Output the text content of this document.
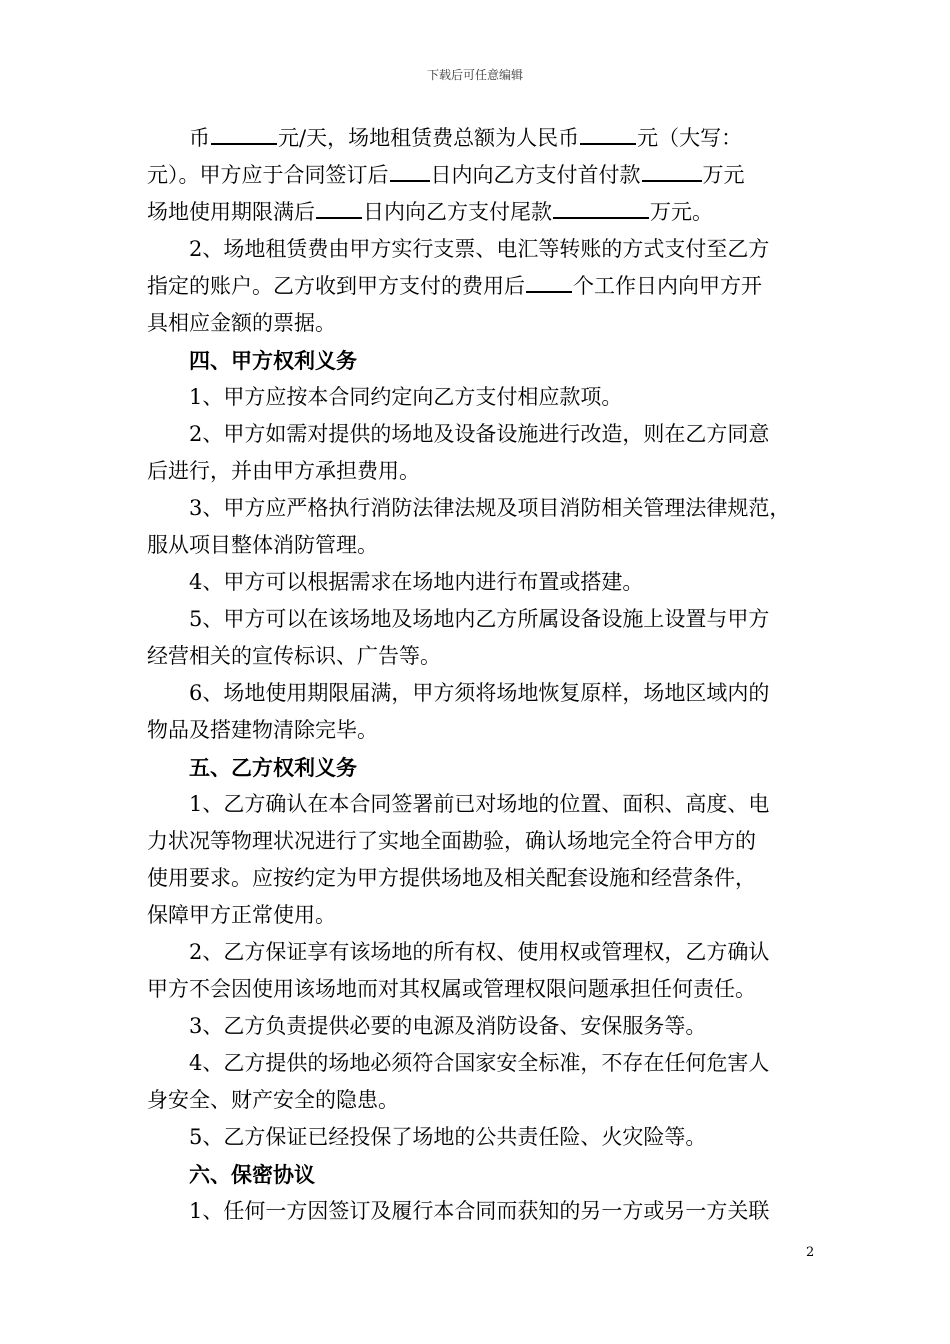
下载后可任意编辑
币	元/天，场地租赁费总额为人民币	元（大写：
元）。甲方应于合同签订后 日内向乙方支付首付款	万元
场地使用期限满后 日内向乙方支付尾款	万元。
2、场地租赁费由甲方实行支票、电汇等转账的方式支付至乙方
指定的账户。乙方收到甲方支付的费用后 个工作日内向甲方开
具相应金额的票据。
四、甲方权利义务
1、甲方应按本合同约定向乙方支付相应款项。
2、甲方如需对提供的场地及设备设施进行改造，则在乙方同意
后进行，并由甲方承担费用。
3、甲方应严格执行消防法律法规及项目消防相关管理法律规范，
服从项目整体消防管理。
4、甲方可以根据需求在场地内进行布置或搭建。
5、甲方可以在该场地及场地内乙方所属设备设施上设置与甲方
经营相关的宣传标识、广告等。
6、场地使用期限届满，甲方须将场地恢复原样，场地区域内的
物品及搭建物清除完毕。
五、乙方权利义务
1、乙方确认在本合同签署前已对场地的位置、面积、高度、电
力状况等物理状况进行了实地全面勘验，确认场地完全符合甲方的
使用要求。应按约定为甲方提供场地及相关配套设施和经营条件，
保障甲方正常使用。
2、乙方保证享有该场地的所有权、使用权或管理权，乙方确认
甲方不会因使用该场地而对其权属或管理权限问题承担任何责任。
3、乙方负责提供必要的电源及消防设备、安保服务等。
4、乙方提供的场地必须符合国家安全标准，不存在任何危害人
身安全、财产安全的隐患。
5、乙方保证已经投保了场地的公共责任险、火灾险等。
六、保密协议
1、任何一方因签订及履行本合同而获知的另一方或另一方关联
2
